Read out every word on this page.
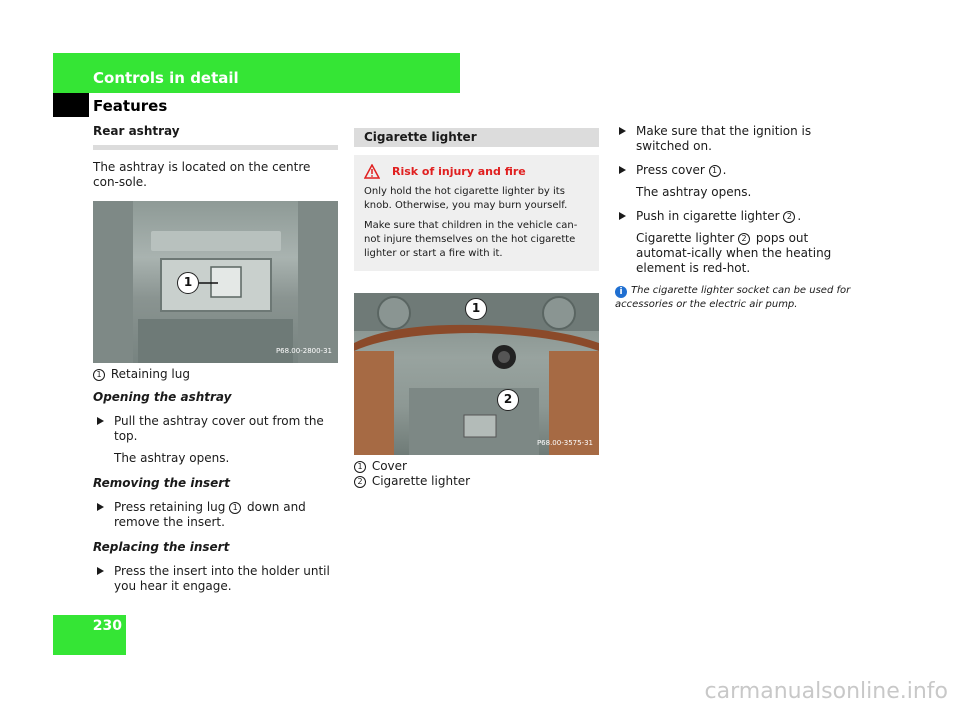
Controls in detail
Features
Rear ashtray
The ashtray is located on the centre con-sole.
1
P68.00-2800-31
1 Retaining lug
Opening the ashtray
Pull the ashtray cover out from the top.
The ashtray opens.
Removing the insert
Press retaining lug 1 down and remove the insert.
Replacing the insert
Press the insert into the holder until you hear it engage.
Cigarette lighter
Risk of injury and fire

Only hold the hot cigarette lighter by its knob. Otherwise, you may burn yourself.

Make sure that children in the vehicle can-not injure themselves on the hot cigarette lighter or start a fire with it.

1
2
P68.00-3575-31
1 Cover
2 Cigarette lighter
Make sure that the ignition is switched on.
Press cover 1 .
The ashtray opens.
Push in cigarette lighter 2 .
Cigarette lighter 2 pops out automat-ically when the heating element is red-hot.
i The cigarette lighter socket can be used for accessories or the electric air pump.
230
carmanualsonline.info
